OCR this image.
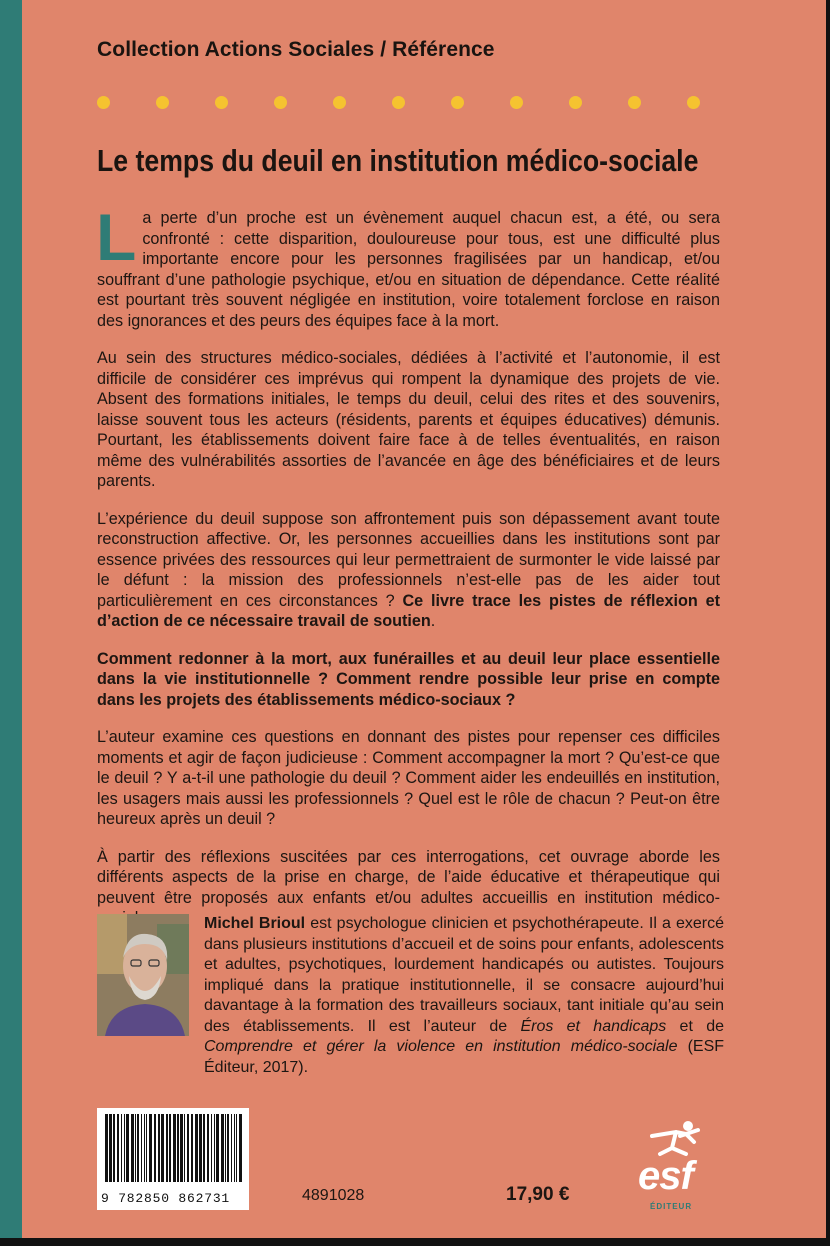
Collection Actions Sociales / Référence
Le temps du deuil en institution médico-sociale

La perte d’un proche est un évènement auquel chacun est, a été, ou sera confronté : cette disparition, douloureuse pour tous, est une difficulté plus importante encore pour les personnes fragilisées par un handicap, et/ou souffrant d’une pathologie psychique, et/ou en situation de dépendance. Cette réalité est pourtant très souvent négligée en institution, voire totalement forclose en raison des ignorances et des peurs des équipes face à la mort.

Au sein des structures médico-sociales, dédiées à l’activité et l’autonomie, il est difficile de considérer ces imprévus qui rompent la dynamique des projets de vie. Absent des formations initiales, le temps du deuil, celui des rites et des souvenirs, laisse souvent tous les acteurs (résidents, parents et équipes éducatives) démunis. Pourtant, les établissements doivent faire face à de telles éventualités, en raison même des vulnérabilités assorties de l’avancée en âge des bénéficiaires et de leurs parents.

L’expérience du deuil suppose son affrontement puis son dépassement avant toute reconstruction affective. Or, les personnes accueillies dans les institutions sont par essence privées des ressources qui leur permettraient de surmonter le vide laissé par le défunt : la mission des professionnels n’est-elle pas de les aider tout particulièrement en ces circonstances ? Ce livre trace les pistes de réflexion et d’action de ce nécessaire travail de soutien.

Comment redonner à la mort, aux funérailles et au deuil leur place essentielle dans la vie institutionnelle ? Comment rendre possible leur prise en compte dans les projets des établissements médico-sociaux ?

L’auteur examine ces questions en donnant des pistes pour repenser ces difficiles moments et agir de façon judicieuse : Comment accompagner la mort ? Qu’est-ce que le deuil ? Y a-t-il une pathologie du deuil ? Comment aider les endeuillés en institution, les usagers mais aussi les professionnels ? Quel est le rôle de chacun ? Peut-on être heureux après un deuil ?

À partir des réflexions suscitées par ces interrogations, cet ouvrage aborde les différents aspects de la prise en charge, de l’aide éducative et thérapeutique qui peuvent être proposés aux enfants et/ou adultes accueillis en institution médico-

Michel Brioul est psychologue clinicien et psychothérapeute. Il a exercé dans plusieurs institutions d’accueil et de soins pour enfants, adolescents et adultes, psychotiques, lourdement handicapés ou autistes. Toujours impliqué dans la pratique institutionnelle, il se consacre aujourd’hui davantage à la formation des travailleurs sociaux, tant initiale qu’au sein des établissements. Il est l’auteur de Éros et handicaps et de Comprendre et gérer la violence en institution médico-sociale (ESF Éditeur, 2017).
9 782850 862731	4891028	17,90 € esf
ÉDITEUR
